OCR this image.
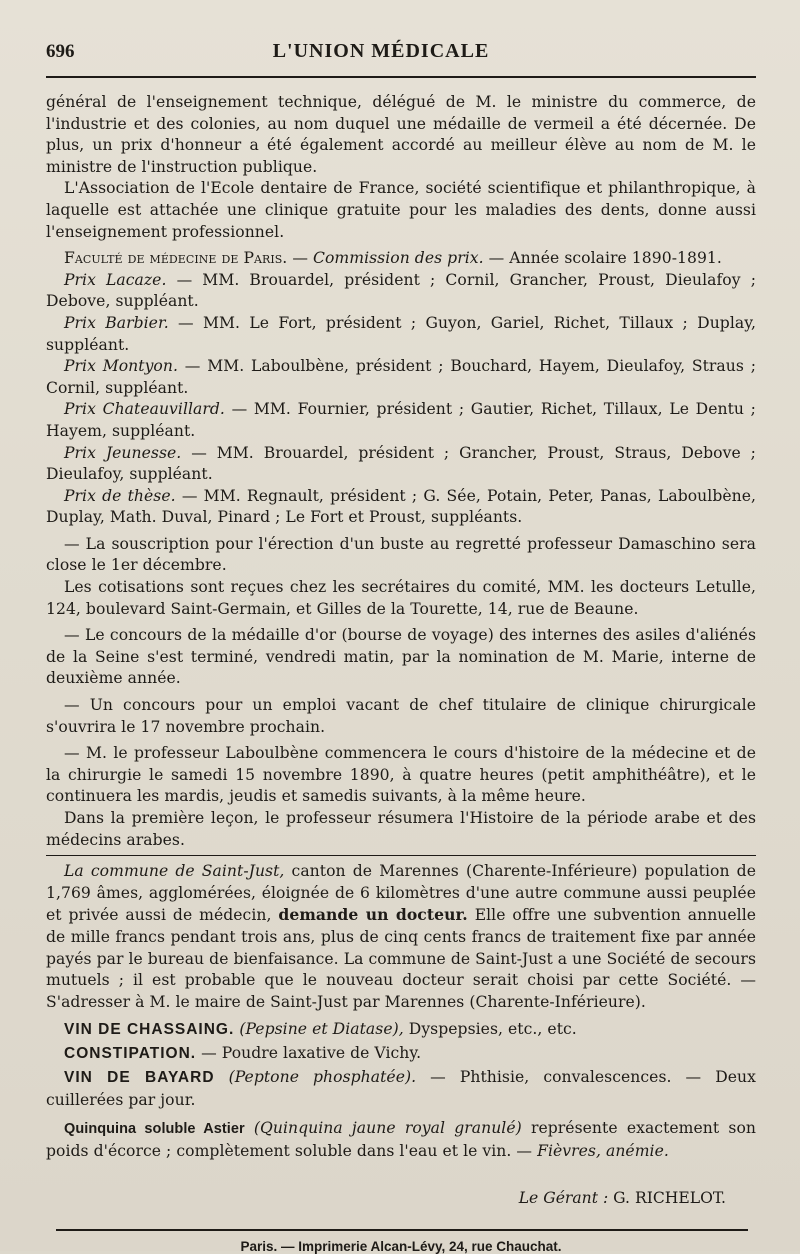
696	L'UNION MÉDICALE

général de l'enseignement technique, délégué de M. le ministre du commerce, de l'industrie et des colonies, au nom duquel une médaille de vermeil a été décernée. De plus, un prix d'honneur a été également accordé au meilleur élève au nom de M. le ministre de l'instruction publique.

L'Association de l'Ecole dentaire de France, société scientifique et philanthropique, à laquelle est attachée une clinique gratuite pour les maladies des dents, donne aussi l'enseignement professionnel.

Faculté de médecine de Paris. — Commission des prix. — Année scolaire 1890-1891.

Prix Lacaze. — MM. Brouardel, président ; Cornil, Grancher, Proust, Dieulafoy ; Debove, suppléant.

Prix Barbier. — MM. Le Fort, président ; Guyon, Gariel, Richet, Tillaux ; Duplay, suppléant.

Prix Montyon. — MM. Laboulbène, président ; Bouchard, Hayem, Dieulafoy, Straus ; Cornil, suppléant.

Prix Chateauvillard. — MM. Fournier, président ; Gautier, Richet, Tillaux, Le Dentu ; Hayem, suppléant.

Prix Jeunesse. — MM. Brouardel, président ; Grancher, Proust, Straus, Debove ; Dieulafoy, suppléant.

Prix de thèse. — MM. Regnault, président ; G. Sée, Potain, Peter, Panas, Laboulbène, Duplay, Math. Duval, Pinard ; Le Fort et Proust, suppléants.

— La souscription pour l'érection d'un buste au regretté professeur Damaschino sera close le 1er décembre.

Les cotisations sont reçues chez les secrétaires du comité, MM. les docteurs Letulle, 124, boulevard Saint-Germain, et Gilles de la Tourette, 14, rue de Beaune.

— Le concours de la médaille d'or (bourse de voyage) des internes des asiles d'aliénés de la Seine s'est terminé, vendredi matin, par la nomination de M. Marie, interne de deuxième année.

— Un concours pour un emploi vacant de chef titulaire de clinique chirurgicale s'ouvrira le 17 novembre prochain.

— M. le professeur Laboulbène commencera le cours d'histoire de la médecine et de la chirurgie le samedi 15 novembre 1890, à quatre heures (petit amphithéâtre), et le continuera les mardis, jeudis et samedis suivants, à la même heure.

Dans la première leçon, le professeur résumera l'Histoire de la période arabe et des médecins arabes.

La commune de Saint-Just, canton de Marennes (Charente-Inférieure) population de 1,769 âmes, agglomérées, éloignée de 6 kilomètres d'une autre commune aussi peuplée et privée aussi de médecin, demande un docteur. Elle offre une subvention annuelle de mille francs pendant trois ans, plus de cinq cents francs de traitement fixe par année payés par le bureau de bienfaisance. La commune de Saint-Just a une Société de secours mutuels ; il est probable que le nouveau docteur serait choisi par cette Société. — S'adresser à M. le maire de Saint-Just par Marennes (Charente-Inférieure).

VIN DE CHASSAING. (Pepsine et Diatase), Dyspepsies, etc., etc.

CONSTIPATION. — Poudre laxative de Vichy.

VIN DE BAYARD (Peptone phosphatée). — Phthisie, convalescences. — Deux cuillerées par jour.

Quinquina soluble Astier (Quinquina jaune royal granulé) représente exactement son poids d'écorce ; complètement soluble dans l'eau et le vin. — Fièvres, anémie.

Le Gérant : G. RICHELOT.
Paris. — Imprimerie Alcan-Lévy, 24, rue Chauchat.
